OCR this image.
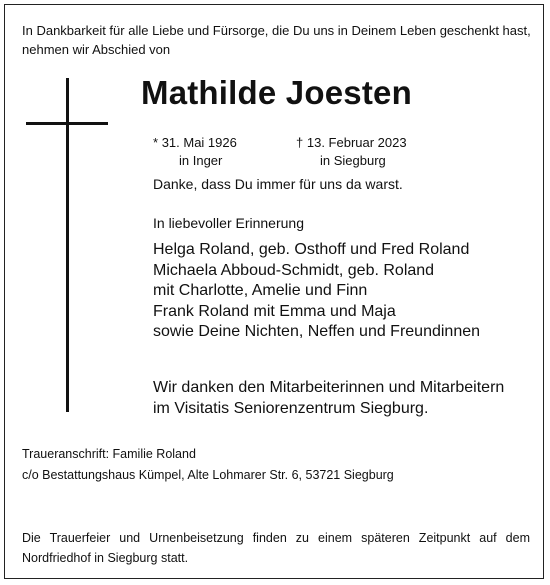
In Dankbarkeit für alle Liebe und Fürsorge, die Du uns in Deinem Leben geschenkt hast,
nehmen wir Abschied von
Mathilde Joesten
* 31. Mai 1926
in Inger
† 13. Februar 2023
in Siegburg
Danke, dass Du immer für uns da warst.
In liebevoller Erinnerung
Helga Roland, geb. Osthoff und Fred Roland
Michaela Abboud-Schmidt, geb. Roland
mit Charlotte, Amelie und Finn
Frank Roland mit Emma und Maja
sowie Deine Nichten, Neffen und Freundinnen
Wir danken den Mitarbeiterinnen und Mitarbeitern
im Visitatis Seniorenzentrum Siegburg.
Traueranschrift: Familie Roland
c/o Bestattungshaus Kümpel, Alte Lohmarer Str. 6, 53721 Siegburg
Die Trauerfeier und Urnenbeisetzung finden zu einem späteren Zeitpunkt auf dem Nordfriedhof in Siegburg statt.
